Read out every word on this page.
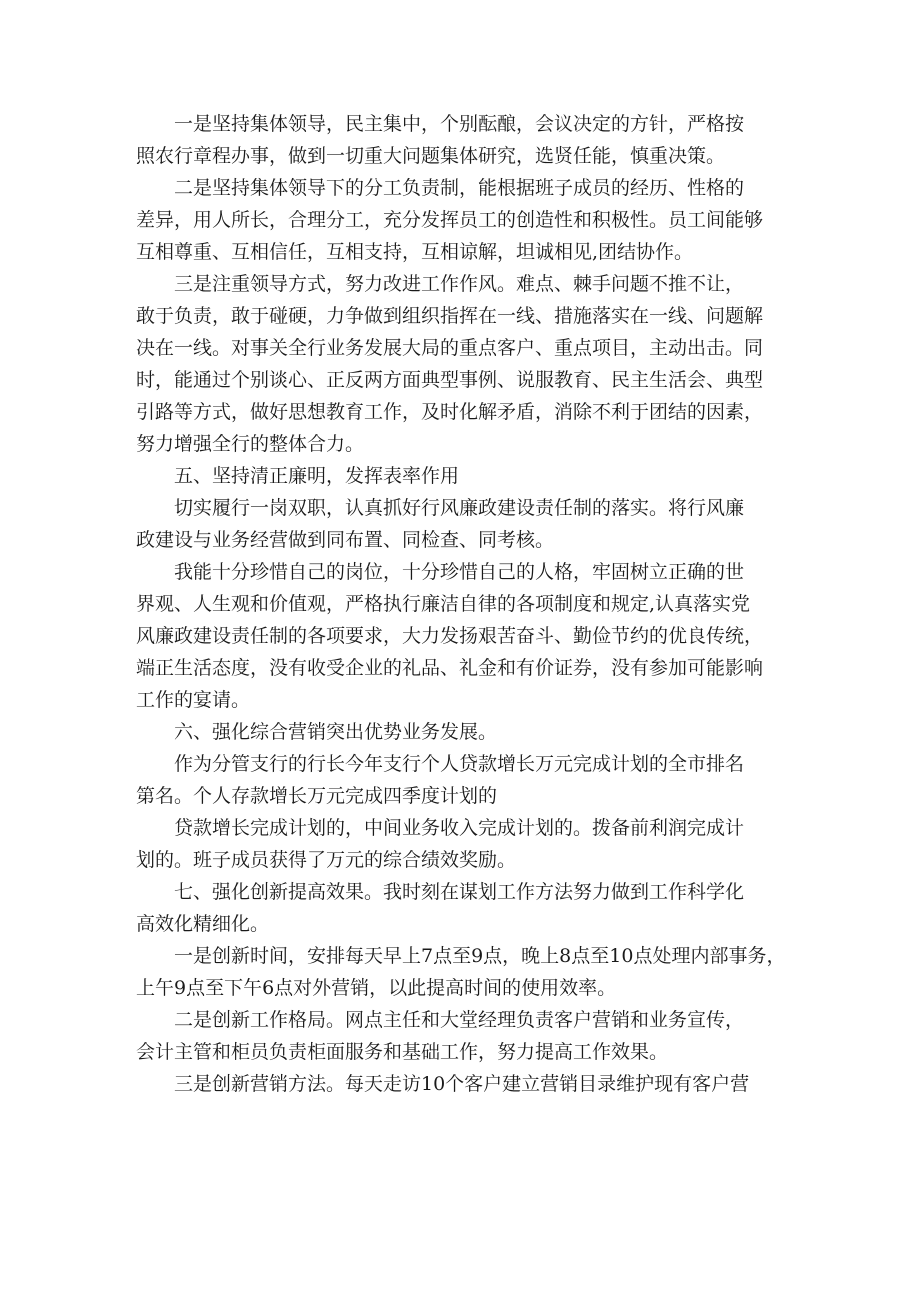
一是坚持集体领导，民主集中，个别酝酿，会议决定的方针，严格按
照农行章程办事，做到一切重大问题集体研究，选贤任能，慎重决策。

二是坚持集体领导下的分工负责制，能根据班子成员的经历、性格的
差异，用人所长，合理分工，充分发挥员工的创造性和积极性。员工间能够
互相尊重、互相信任，互相支持，互相谅解，坦诚相见,团结协作。

三是注重领导方式，努力改进工作作风。难点、棘手问题不推不让，
敢于负责，敢于碰硬，力争做到组织指挥在一线、措施落实在一线、问题解
决在一线。对事关全行业务发展大局的重点客户、重点项目，主动出击。同
时，能通过个别谈心、正反两方面典型事例、说服教育、民主生活会、典型
引路等方式，做好思想教育工作，及时化解矛盾，消除不利于团结的因素，
努力增强全行的整体合力。

五、坚持清正廉明，发挥表率作用

切实履行一岗双职，认真抓好行风廉政建设责任制的落实。将行风廉
政建设与业务经营做到同布置、同检查、同考核。

我能十分珍惜自己的岗位，十分珍惜自己的人格，牢固树立正确的世
界观、人生观和价值观，严格执行廉洁自律的各项制度和规定,认真落实党
风廉政建设责任制的各项要求，大力发扬艰苦奋斗、勤俭节约的优良传统，
端正生活态度，没有收受企业的礼品、礼金和有价证券，没有参加可能影响
工作的宴请。

六、强化综合营销突出优势业务发展。

作为分管支行的行长今年支行个人贷款增长万元完成计划的全市排名
第名。个人存款增长万元完成四季度计划的

贷款增长完成计划的，中间业务收入完成计划的。拨备前利润完成计
划的。班子成员获得了万元的综合绩效奖励。

七、强化创新提高效果。我时刻在谋划工作方法努力做到工作科学化
高效化精细化。

一是创新时间，安排每天早上7点至9点，晚上8点至10点处理内部事务，
上午9点至下午6点对外营销，以此提高时间的使用效率。

二是创新工作格局。网点主任和大堂经理负责客户营销和业务宣传，
会计主管和柜员负责柜面服务和基础工作，努力提高工作效果。

三是创新营销方法。每天走访10个客户建立营销目录维护现有客户营
